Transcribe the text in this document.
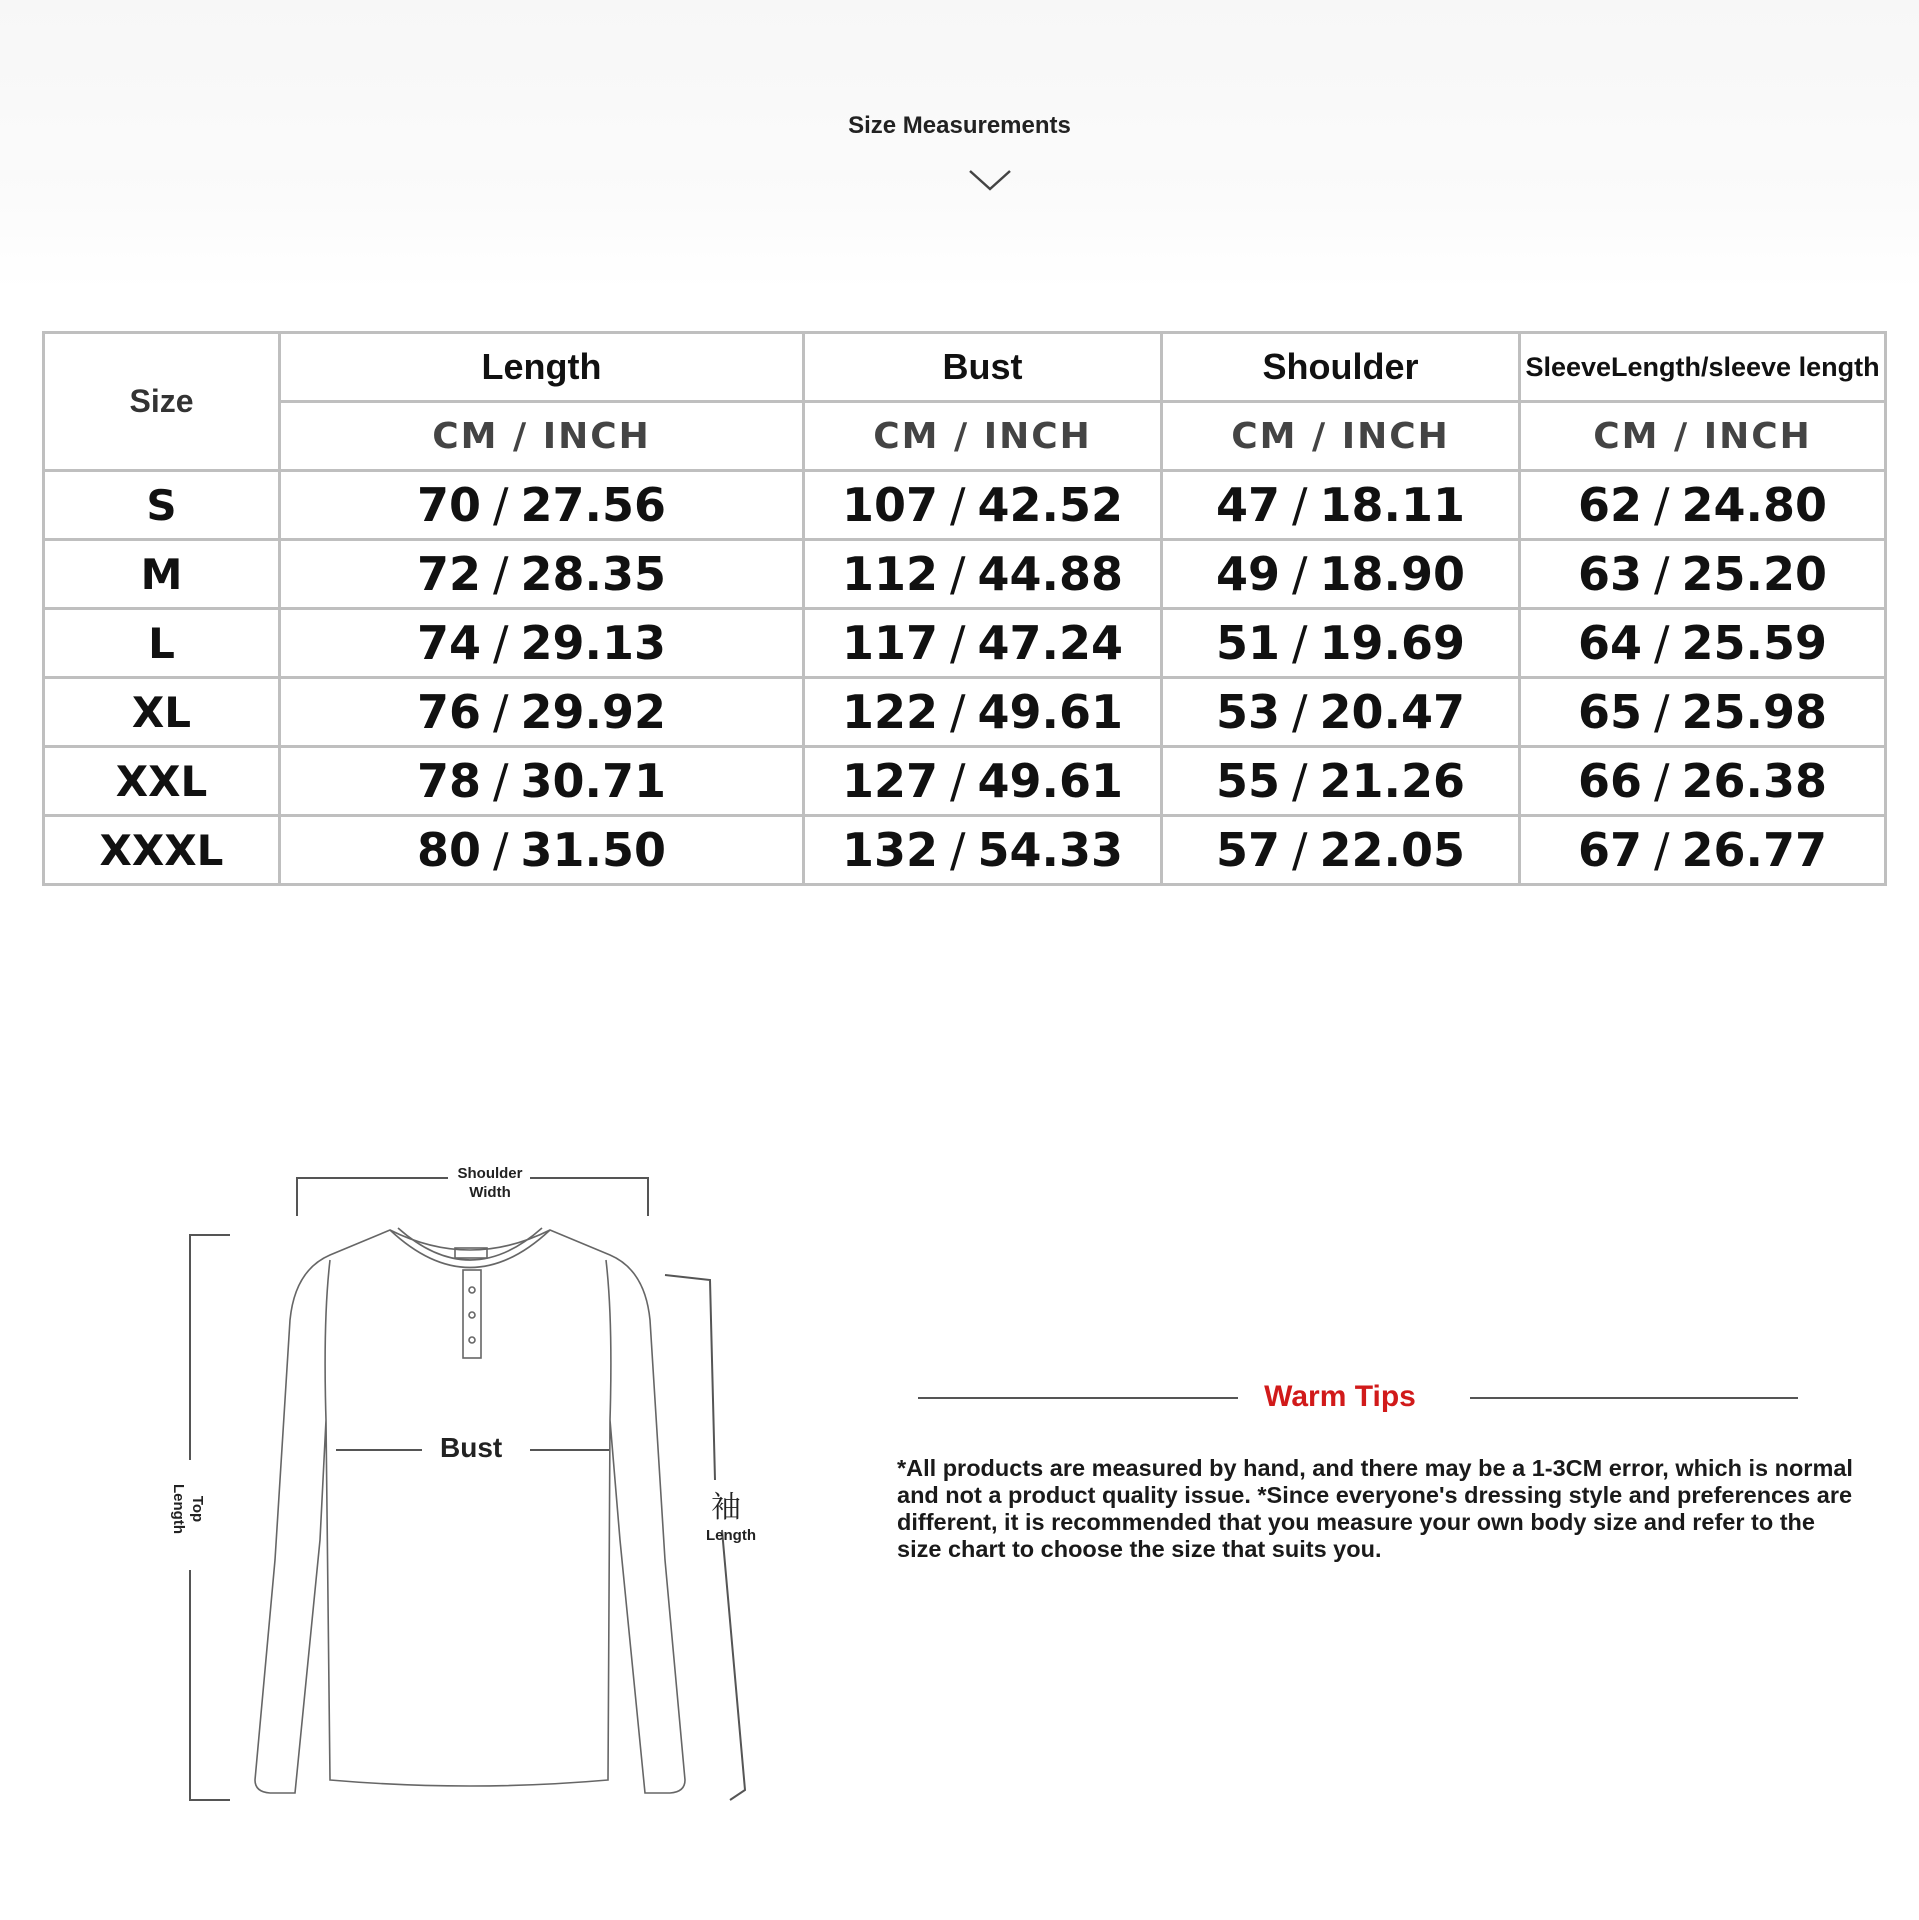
Size Measurements
Size	Length	Bust	Shoulder	SleeveLength/sleeve length
	CM / INCH	CM / INCH	CM / INCH	CM / INCH
S	70 / 27.56	107 / 42.52	47 / 18.11	62 / 24.80
M	72 / 28.35	112 / 44.88	49 / 18.90	63 / 25.20
L	74 / 29.13	117 / 47.24	51 / 19.69	64 / 25.59
XL	76 / 29.92	122 / 49.61	53 / 20.47	65 / 25.98
XXL	78 / 30.71	127 / 49.61	55 / 21.26	66 / 26.38
XXXL	80 / 31.50	132 / 54.33	57 / 22.05	67 / 26.77
Shoulder
Width
Top
Length
Bust
袖
Length
Warm Tips
*All products are measured by hand, and there may be a 1-3CM error, which is normal and not a product quality issue. *Since everyone's dressing style and preferences are different, it is recommended that you measure your own body size and refer to the size chart to choose the size that suits you.
